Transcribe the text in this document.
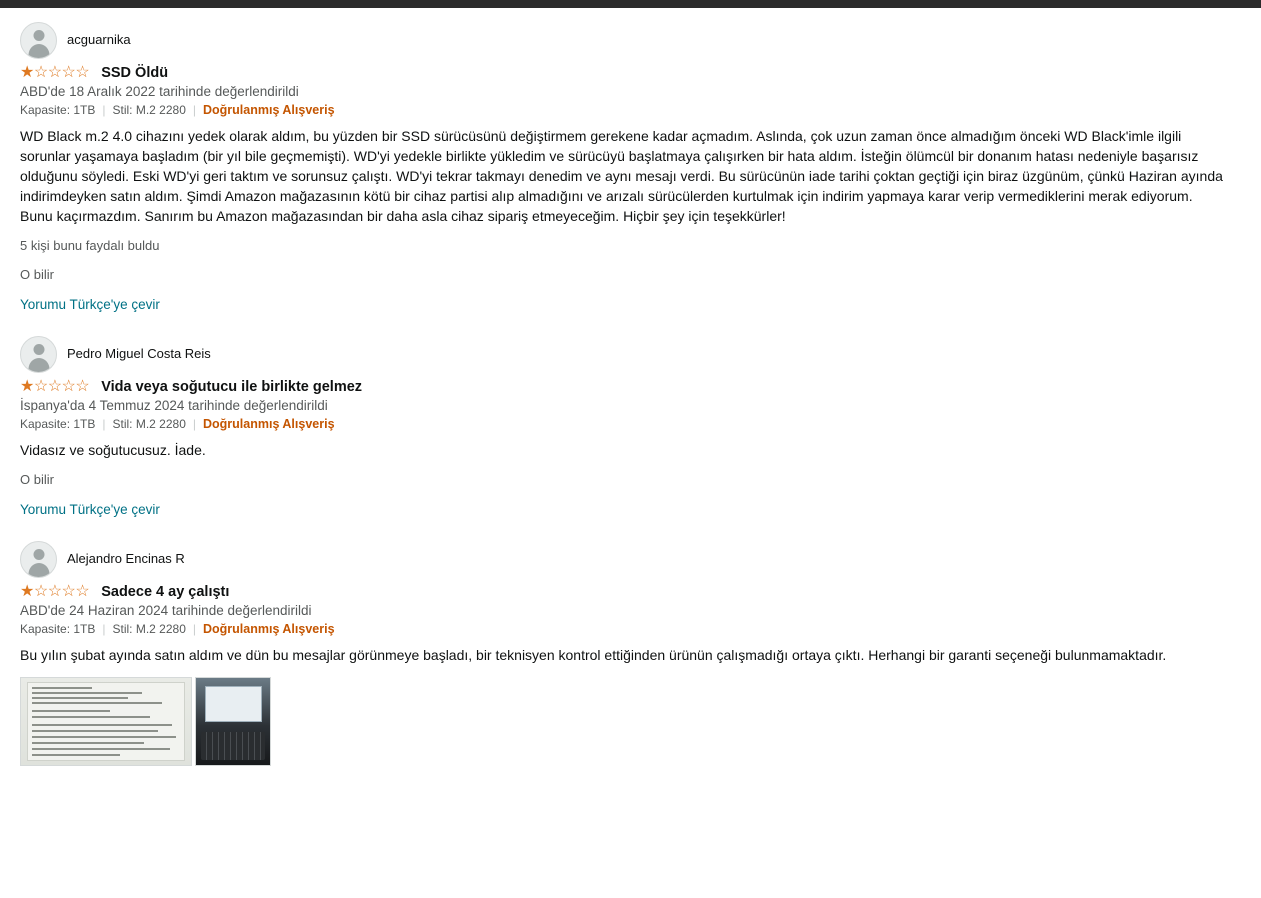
acguarnika
★☆☆☆☆ SSD Öldü
ABD'de 18 Aralık 2022 tarihinde değerlendirildi
Kapasite: 1TB | Stil: M.2 2280 | Doğrulanmış Alışveriş
WD Black m.2 4.0 cihazını yedek olarak aldım, bu yüzden bir SSD sürücüsünü değiştirmem gerekene kadar açmadım. Aslında, çok uzun zaman önce almadığım önceki WD Black'imle ilgili sorunlar yaşamaya başladım (bir yıl bile geçmemişti). WD'yi yedekle birlikte yükledim ve sürücüyü başlatmaya çalışırken bir hata aldım. İsteğin ölümcül bir donanım hatası nedeniyle başarısız olduğunu söyledi. Eski WD'yi geri taktım ve sorunsuz çalıştı. WD'yi tekrar takmayı denedim ve aynı mesajı verdi. Bu sürücünün iade tarihi çoktan geçtiği için biraz üzgünüm, çünkü Haziran ayında indirimdeyken satın aldım. Şimdi Amazon mağazasının kötü bir cihaz partisi alıp almadığını ve arızalı sürücülerden kurtulmak için indirim yapmaya karar verip vermediklerini merak ediyorum. Bunu kaçırmazdım. Sanırım bu Amazon mağazasından bir daha asla cihaz sipariş etmeyeceğim. Hiçbir şey için teşekkürler!
5 kişi bunu faydalı buldu
O bilir
Yorumu Türkçe'ye çevir
Pedro Miguel Costa Reis
★☆☆☆☆ Vida veya soğutucu ile birlikte gelmez
İspanya'da 4 Temmuz 2024 tarihinde değerlendirildi
Kapasite: 1TB | Stil: M.2 2280 | Doğrulanmış Alışveriş
Vidasız ve soğutucusuz. İade.
O bilir
Yorumu Türkçe'ye çevir
Alejandro Encinas R
★☆☆☆☆ Sadece 4 ay çalıştı
ABD'de 24 Haziran 2024 tarihinde değerlendirildi
Kapasite: 1TB | Stil: M.2 2280 | Doğrulanmış Alışveriş
Bu yılın şubat ayında satın aldım ve dün bu mesajlar görünmeye başladı, bir teknisyen kontrol ettiğinden ürünün çalışmadığı ortaya çıktı. Herhangi bir garanti seçeneği bulunmamaktadır.
